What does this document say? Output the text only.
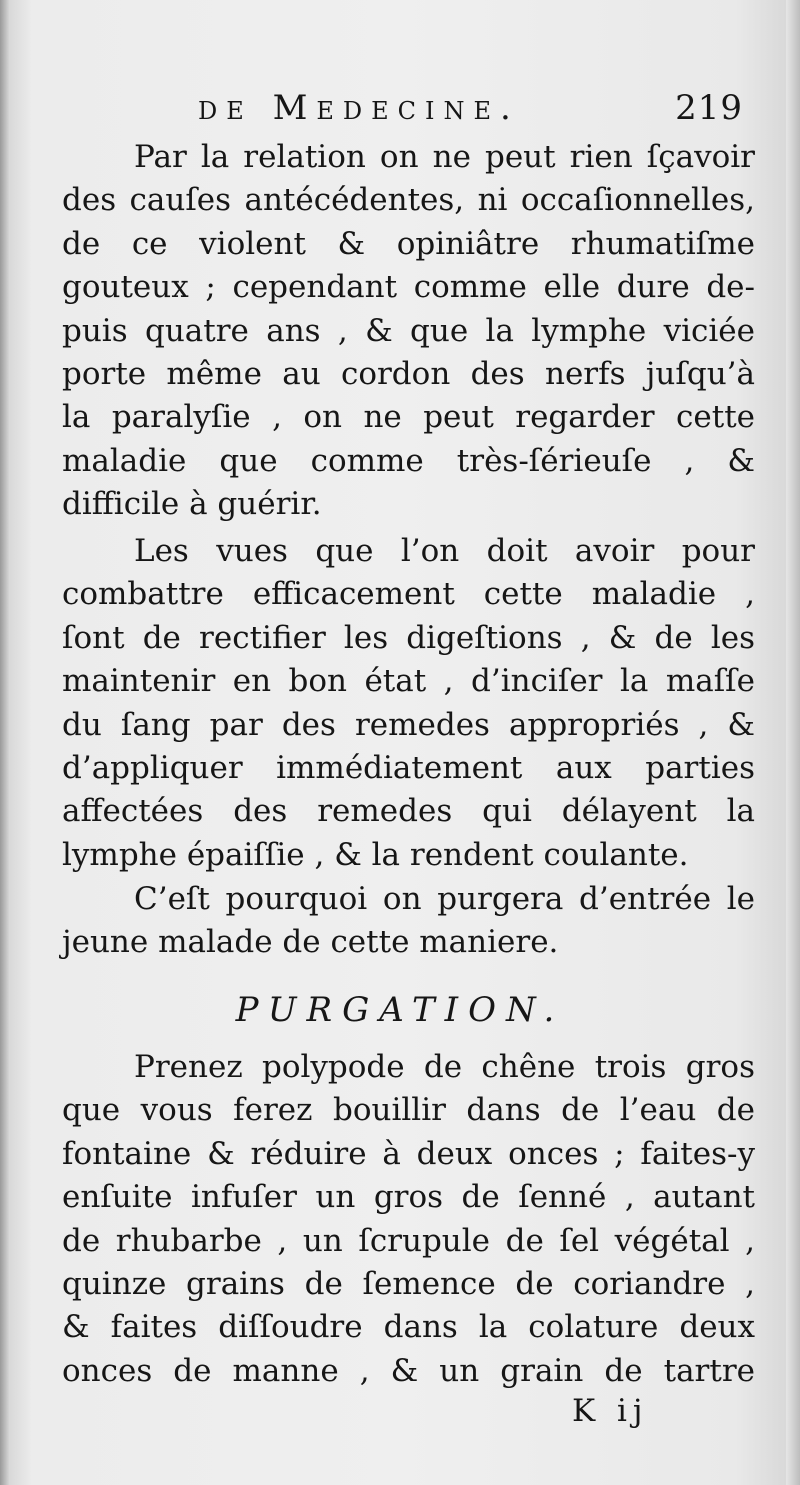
de Medecine.	219
Par la relation on ne peut rien ſçavoir
des cauſes antécédentes, ni occaſionnelles,
de ce violent & opiniâtre rhumatiſme
gouteux ; cependant comme elle dure de-
puis quatre ans , & que la lymphe viciée
porte même au cordon des nerfs juſqu’à
la paralyſie , on ne peut regarder cette
maladie que comme très-ſérieuſe , &
difficile à guérir.
Les vues que l’on doit avoir pour
combattre efficacement cette maladie ,
ſont de rectifier les digeſtions , & de les
maintenir en bon état , d’inciſer la maſſe
du ſang par des remedes appropriés , &
d’appliquer immédiatement aux parties
affectées des remedes qui délayent la
lymphe épaiſſie , & la rendent coulante.
C’eſt pourquoi on purgera d’entrée le
jeune malade de cette maniere.
PURGATION.
Prenez polypode de chêne trois gros
que vous ferez bouillir dans de l’eau de
fontaine & réduire à deux onces ; faites-y
enſuite infuſer un gros de ſenné , autant
de rhubarbe , un ſcrupule de ſel végétal ,
quinze grains de ſemence de coriandre ,
& faites diſſoudre dans la colature deux
onces de manne , & un grain de tartre
K ij
